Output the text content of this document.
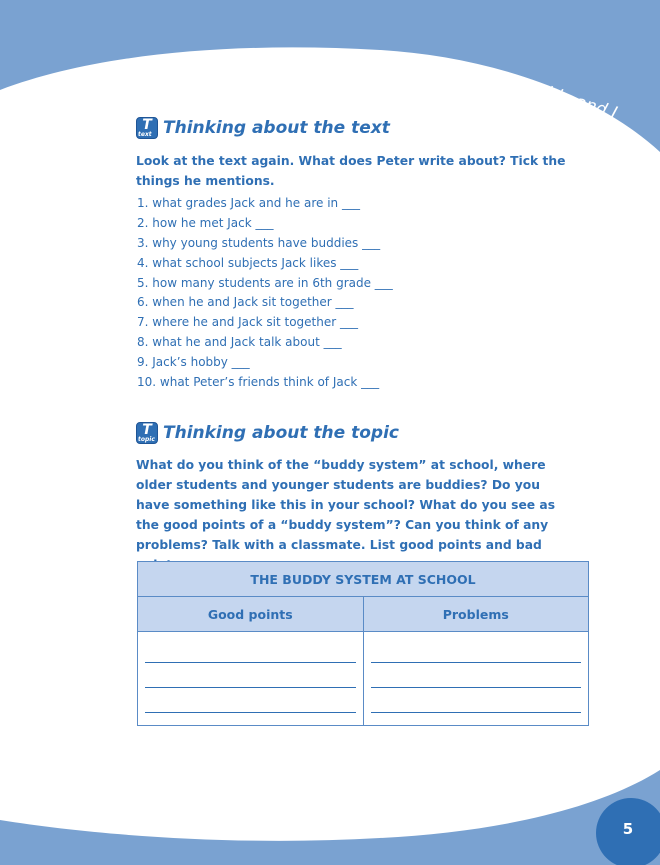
My buddy and I
T
text Thinking about the text
Look at the text again. What does Peter write about? Tick the things he mentions.
1. what grades Jack and he are in ___
2. how he met Jack ___
3. why young students have buddies ___
4. what school subjects Jack likes ___
5. how many students are in 6th grade ___
6. when he and Jack sit together ___
7. where he and Jack sit together ___
8. what he and Jack talk about ___
9. Jack’s hobby ___
10. what Peter’s friends think of Jack ___
T
topic Thinking about the topic
What do you think of the “buddy system” at school, where older students and younger students are buddies? Do you have something like this in your school? What do you see as the good points of a “buddy system”? Can you think of any problems? Talk with a classmate. List good points and bad
THE BUDDY SYSTEM AT SCHOOL	
Good points	Problems

5
